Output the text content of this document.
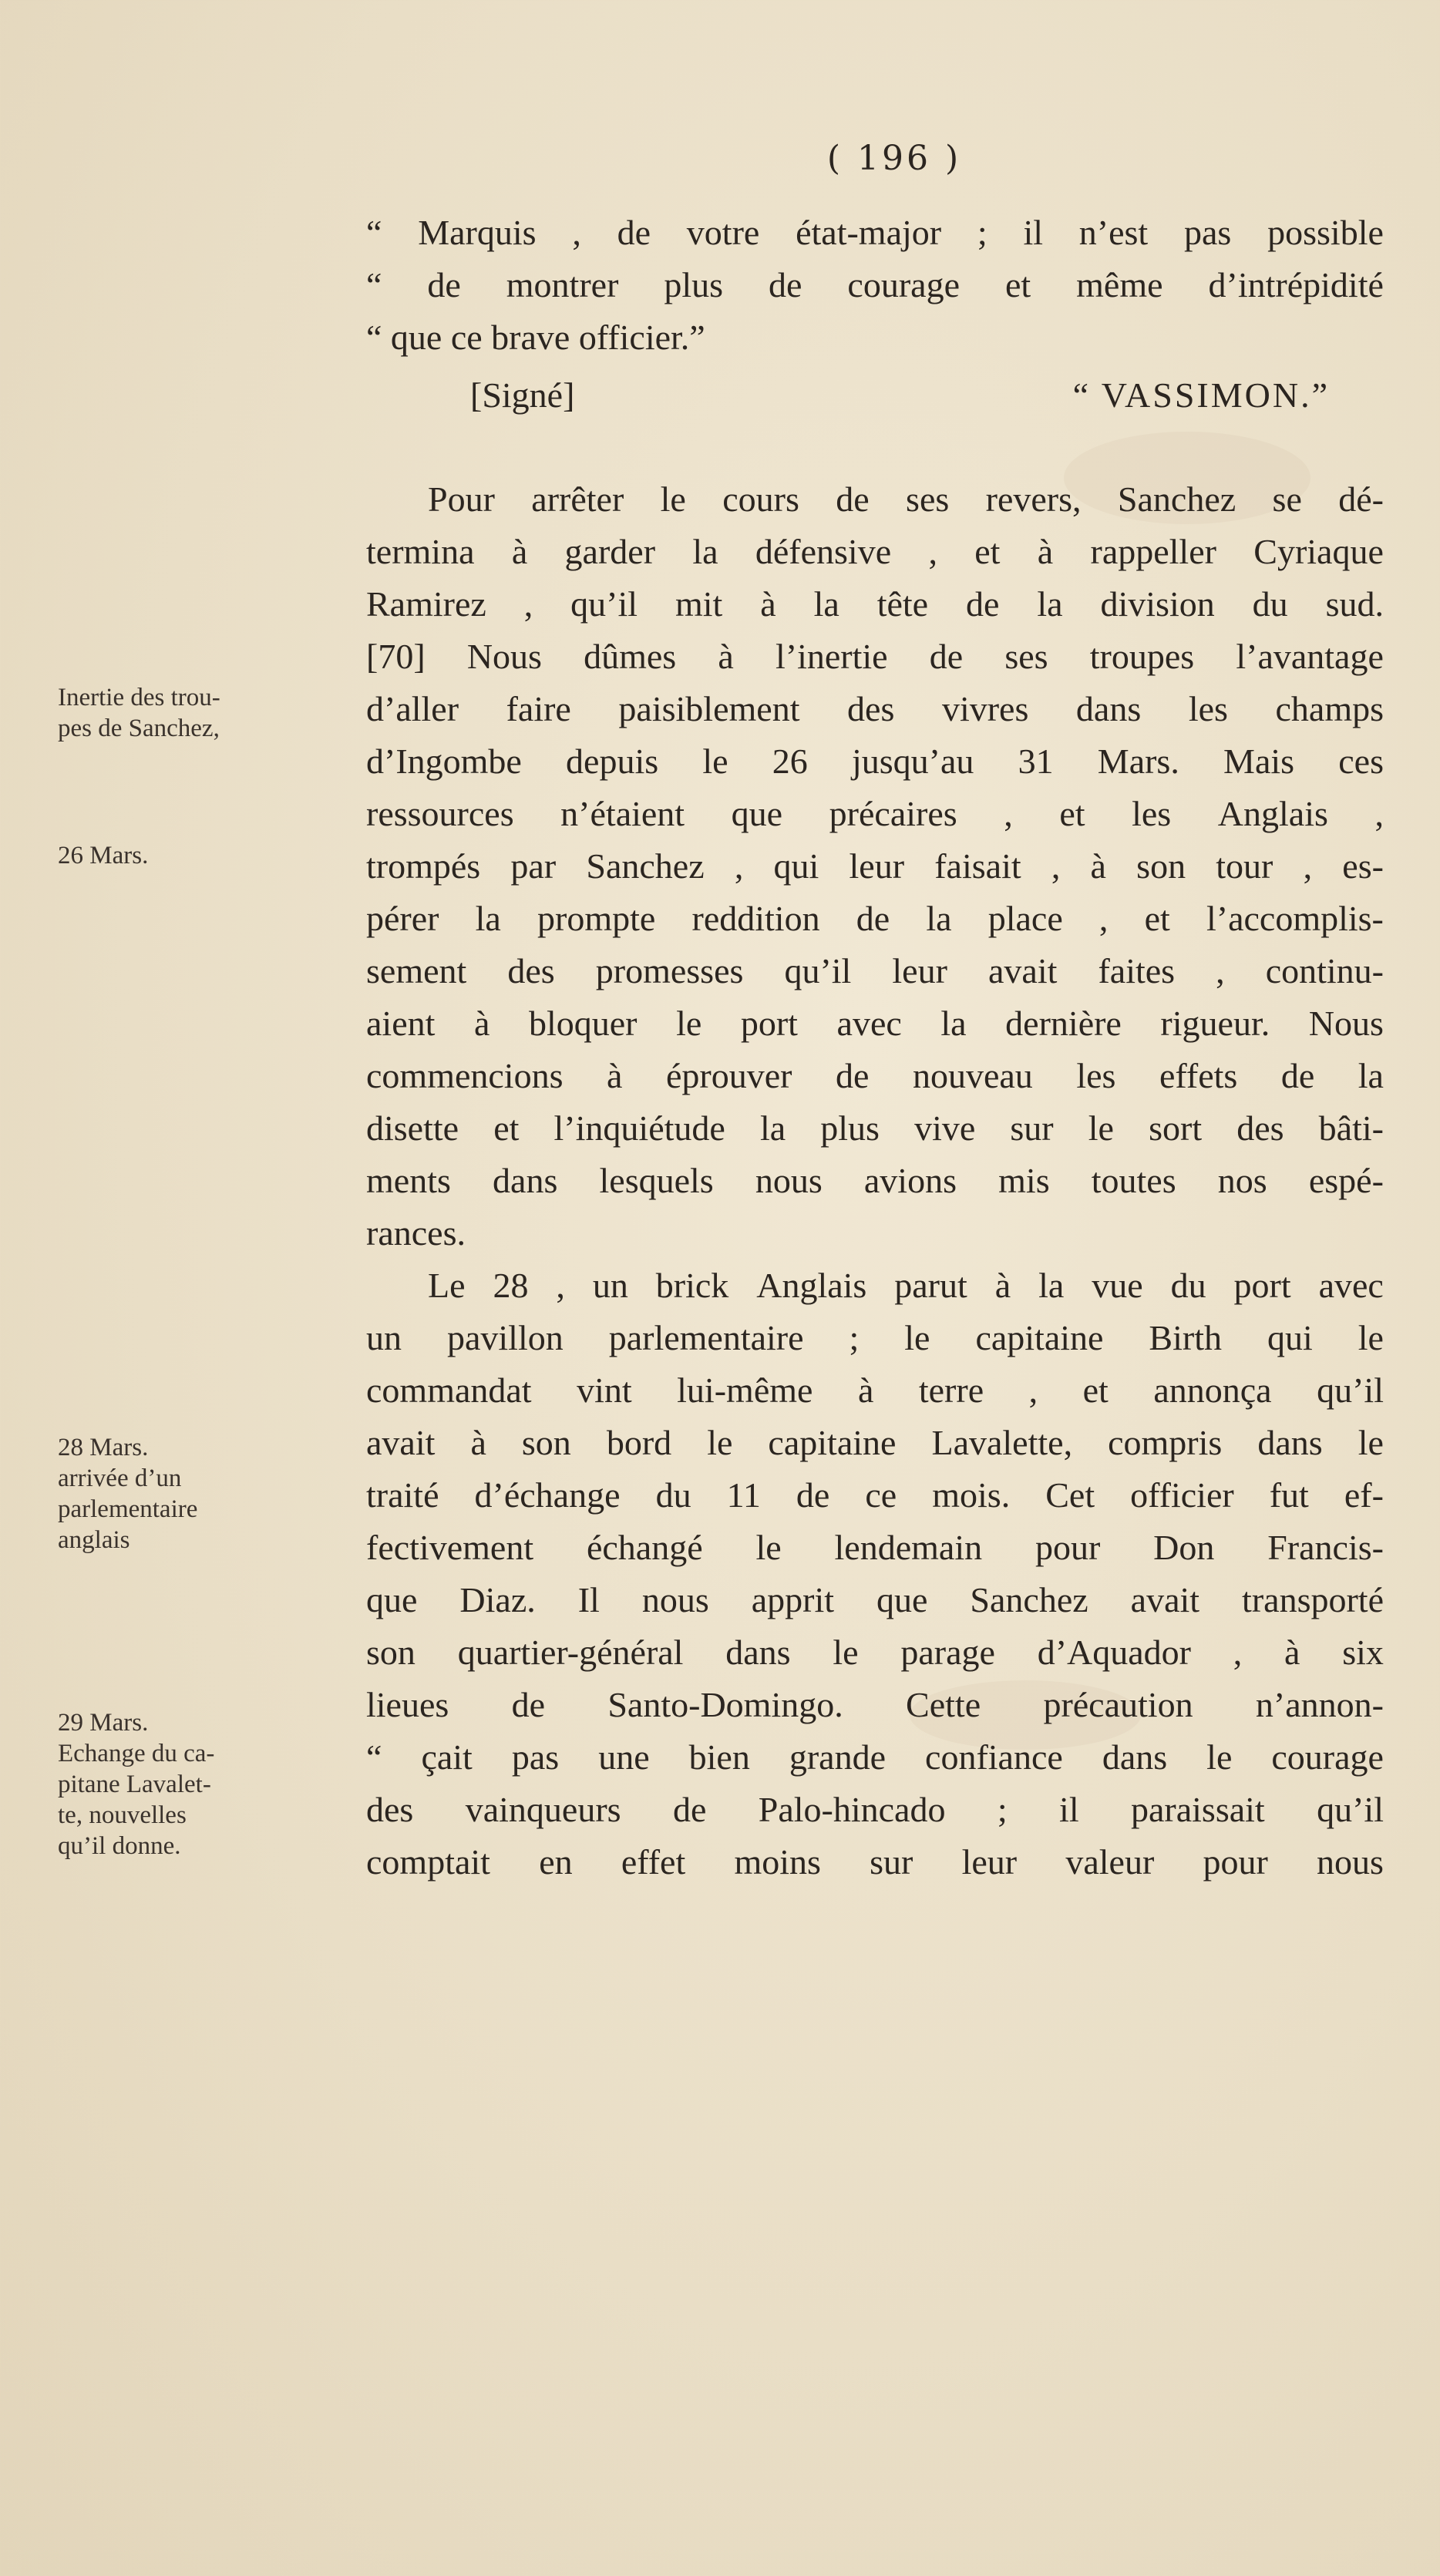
( 196 )
“ Marquis , de votre état-major ; il n’est pas possible
“ de montrer plus de courage et même d’intrépidité
“ que ce brave officier.”
[Signé]	“ VASSIMON.”
Pour arrêter le cours de ses revers, Sanchez se dé-
termina à garder la défensive , et à rappeller Cyriaque
Ramirez , qu’il mit à la tête de la division du sud.
[70] Nous dûmes à l’inertie de ses troupes l’avantage
d’aller faire paisiblement des vivres dans les champs
d’Ingombe depuis le 26 jusqu’au 31 Mars. Mais ces
ressources n’étaient que précaires , et les Anglais ,
trompés par Sanchez , qui leur faisait , à son tour , es-
pérer la prompte reddition de la place , et l’accomplis-
sement des promesses qu’il leur avait faites , continu-
aient à bloquer le port avec la dernière rigueur. Nous
commencions à éprouver de nouveau les effets de la
disette et l’inquiétude la plus vive sur le sort des bâti-
ments dans lesquels nous avions mis toutes nos espé-
rances.
Le 28 , un brick Anglais parut à la vue du port avec
un pavillon parlementaire ; le capitaine Birth qui le
commandat vint lui-même à terre , et annonça qu’il
avait à son bord le capitaine Lavalette, compris dans le
traité d’échange du 11 de ce mois. Cet officier fut ef-
fectivement échangé le lendemain pour Don Francis-
que Diaz. Il nous apprit que Sanchez avait transporté
son quartier-général dans le parage d’Aquador , à six
lieues de Santo-Domingo. Cette précaution n’annon-
“ çait pas une bien grande confiance dans le courage
des vainqueurs de Palo-hincado ; il paraissait qu’il
comptait en effet moins sur leur valeur pour nous

Inertie des trou-

pes de Sanchez,

26 Mars.

28 Mars.

arrivée d’un

parlementaire

anglais

29 Mars.

Echange du ca-

pitane Lavalet-

te, nouvelles

qu’il donne.
